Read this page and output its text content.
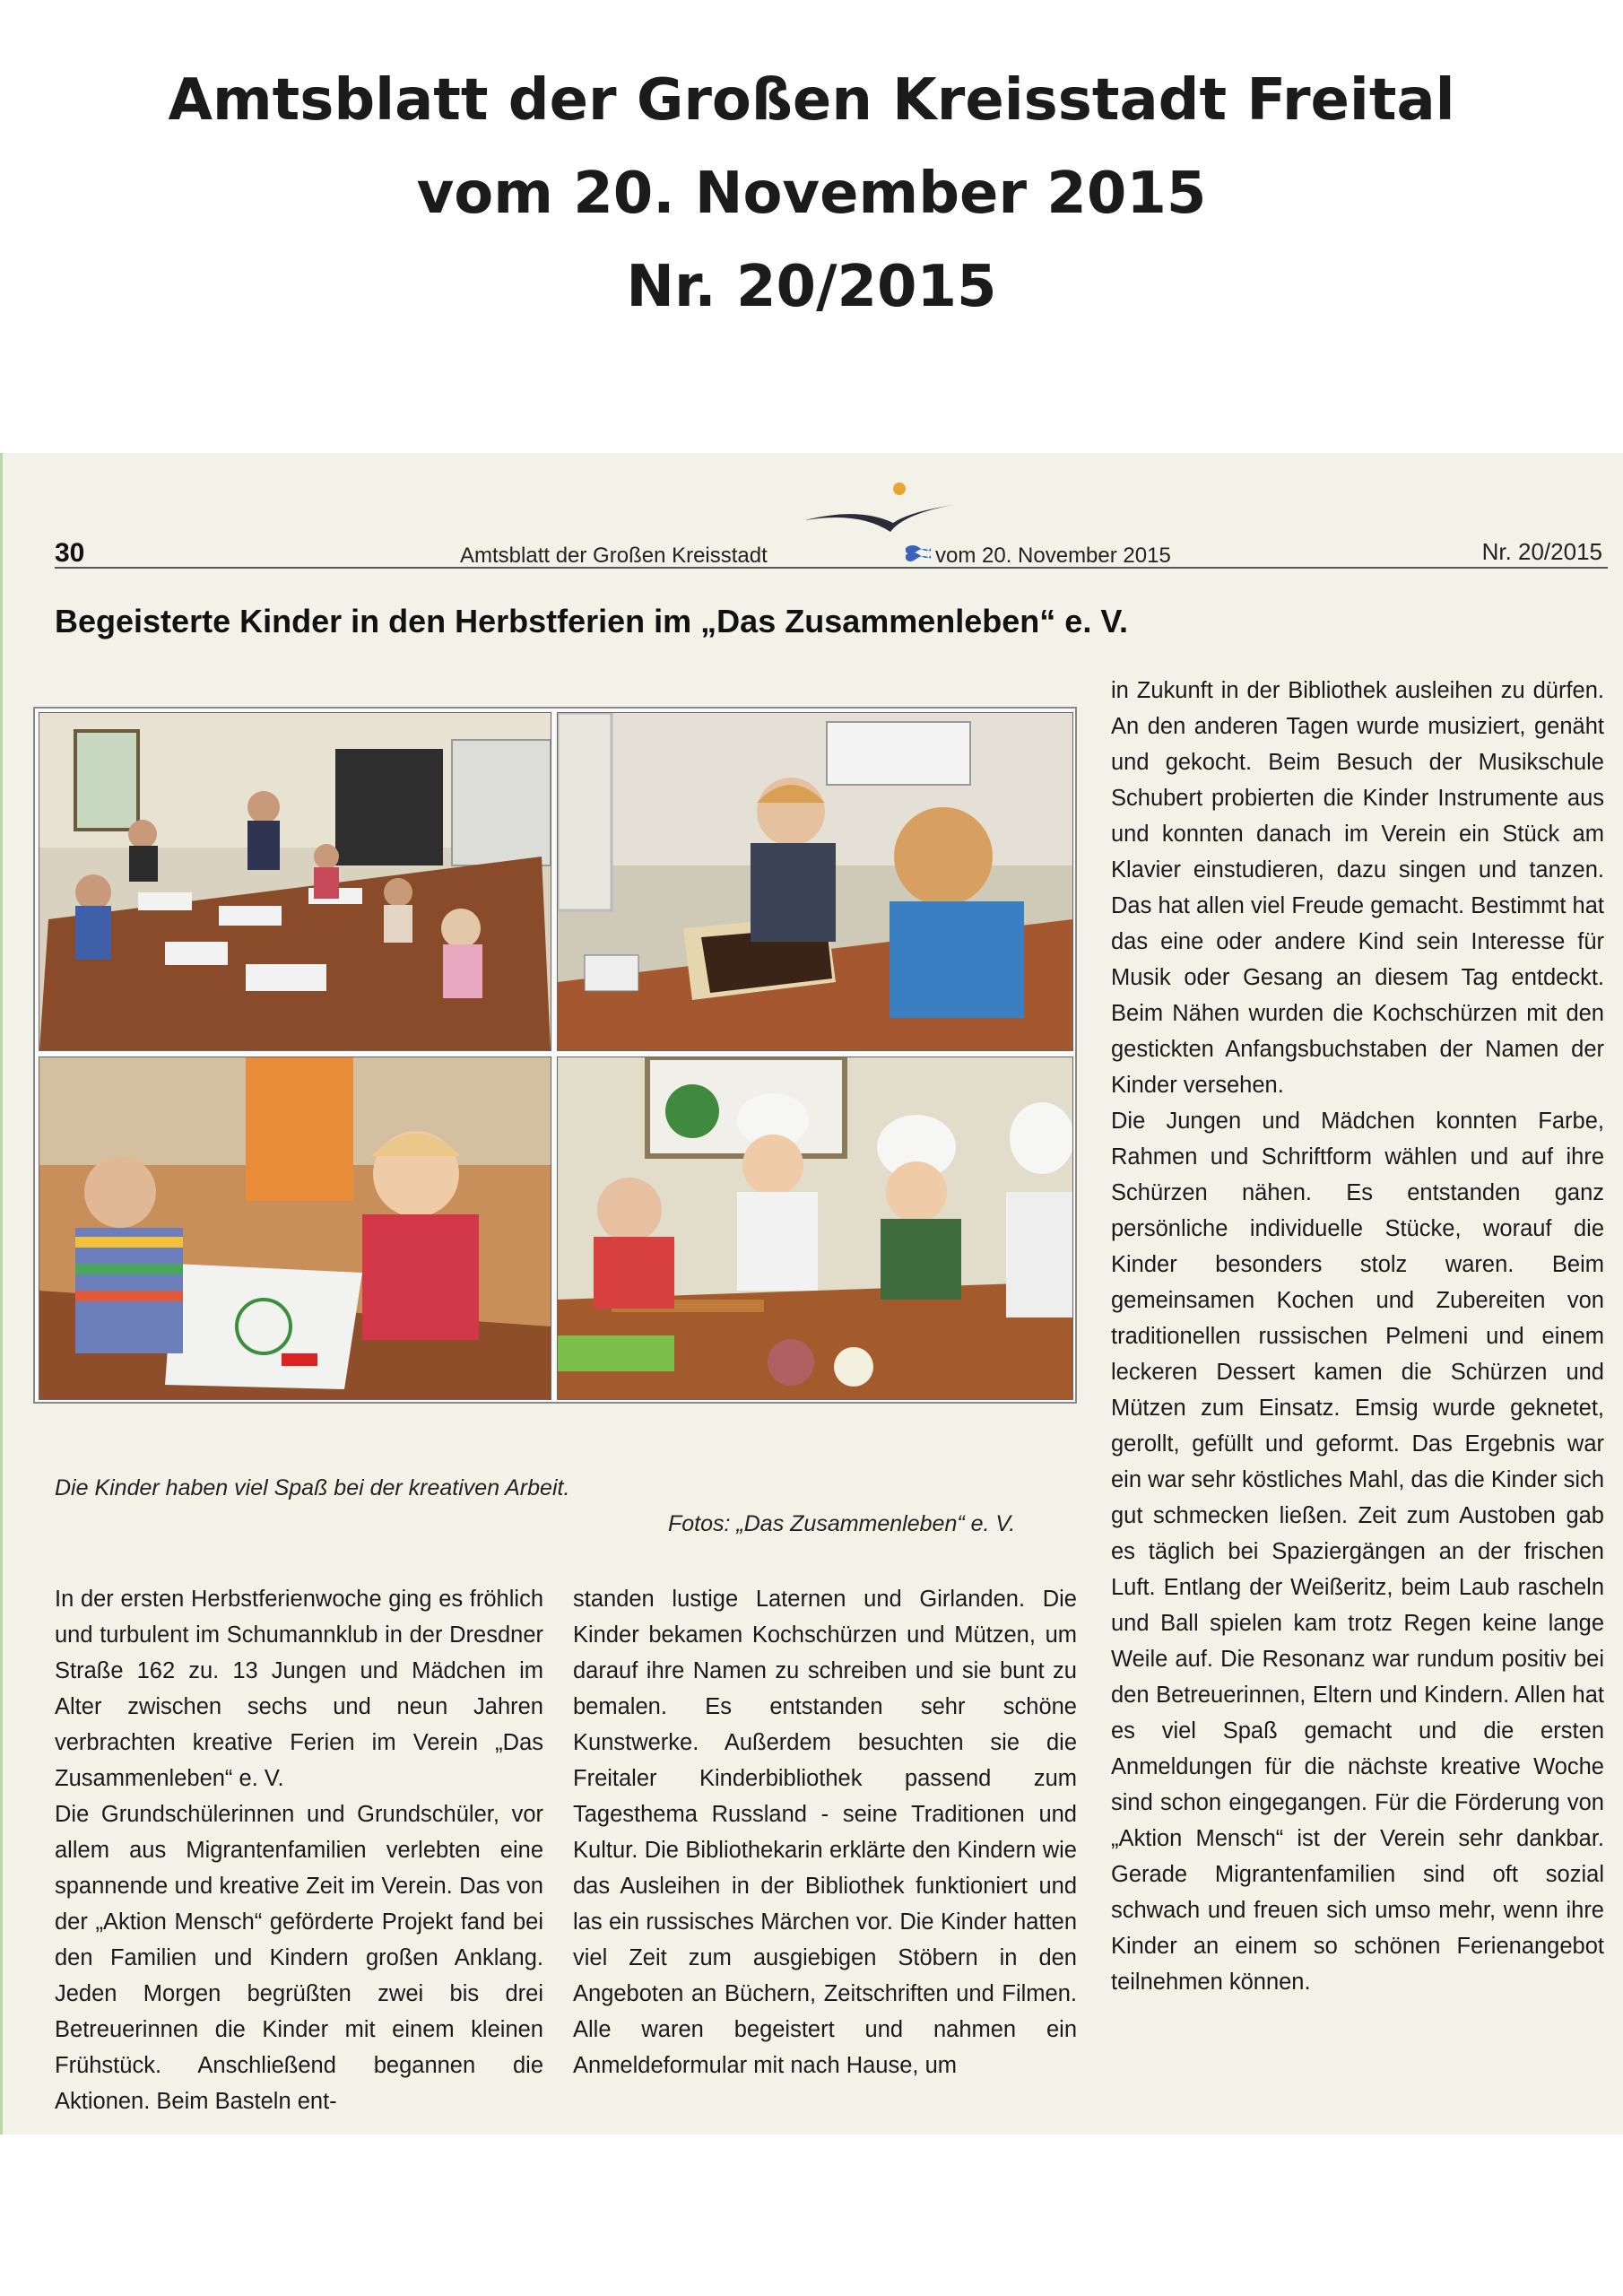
Amtsblatt der Großen Kreisstadt Freital
vom 20. November 2015
Nr. 20/2015
30	Amtsblatt der Großen Kreisstadt	vom 20. November 2015	Nr. 20/2015
Begeisterte Kinder in den Herbstferien im „Das Zusammenleben“ e. V.
Die Kinder haben viel Spaß bei der kreativen Arbeit.
Fotos: „Das Zusammenleben“ e. V.

In der ersten Herbstferienwoche ging es fröhlich und turbulent im Schumannklub in der Dresdner Straße 162 zu. 13 Jungen und Mädchen im Alter zwischen sechs und neun Jahren verbrachten kreative Ferien im Verein „Das Zusammenleben“ e. V.

Die Grundschülerinnen und Grundschüler, vor allem aus Migrantenfamilien verlebten eine spannende und kreative Zeit im Verein. Das von der „Aktion Mensch“ geförderte Projekt fand bei den Familien und Kindern großen Anklang. Jeden Morgen begrüßten zwei bis drei Betreuerinnen die Kinder mit einem kleinen Frühstück. Anschließend begannen die Aktionen. Beim Basteln ent-

standen lustige Laternen und Girlanden. Die Kinder bekamen Kochschürzen und Mützen, um darauf ihre Namen zu schreiben und sie bunt zu bemalen. Es entstanden sehr schöne Kunstwerke. Außerdem besuchten sie die Freitaler Kinderbibliothek passend zum Tagesthema Russland - seine Traditionen und Kultur. Die Bibliothekarin erklärte den Kindern wie das Ausleihen in der Bibliothek funktioniert und las ein russisches Märchen vor. Die Kinder hatten viel Zeit zum ausgiebigen Stöbern in den Angeboten an Büchern, Zeitschriften und Filmen. Alle waren begeistert und nahmen ein Anmeldeformular mit nach Hause, um

in Zukunft in der Bibliothek ausleihen zu dürfen. An den anderen Tagen wurde musiziert, genäht und gekocht. Beim Besuch der Musikschule Schubert probierten die Kinder Instrumente aus und konnten danach im Verein ein Stück am Klavier einstudieren, dazu singen und tanzen. Das hat allen viel Freude gemacht. Bestimmt hat das eine oder andere Kind sein Interesse für Musik oder Gesang an diesem Tag entdeckt. Beim Nähen wurden die Kochschürzen mit den gestickten Anfangsbuchstaben der Namen der Kinder versehen.

Die Jungen und Mädchen konnten Farbe, Rahmen und Schriftform wählen und auf ihre Schürzen nähen. Es entstanden ganz persönliche individuelle Stücke, worauf die Kinder besonders stolz waren. Beim gemeinsamen Kochen und Zubereiten von traditionellen russischen Pelmeni und einem leckeren Dessert kamen die Schürzen und Mützen zum Einsatz. Emsig wurde geknetet, gerollt, gefüllt und geformt. Das Ergebnis war ein war sehr köstliches Mahl, das die Kinder sich gut schmecken ließen. Zeit zum Austoben gab es täglich bei Spaziergängen an der frischen Luft. Entlang der Weißeritz, beim Laub rascheln und Ball spielen kam trotz Regen keine lange Weile auf. Die Resonanz war rundum positiv bei den Betreuerinnen, Eltern und Kindern. Allen hat es viel Spaß gemacht und die ersten Anmeldungen für die nächste kreative Woche sind schon eingegangen. Für die Förderung von „Aktion Mensch“ ist der Verein sehr dankbar. Gerade Migrantenfamilien sind oft sozial schwach und freuen sich umso mehr, wenn ihre Kinder an einem so schönen Ferienangebot teilnehmen können.
